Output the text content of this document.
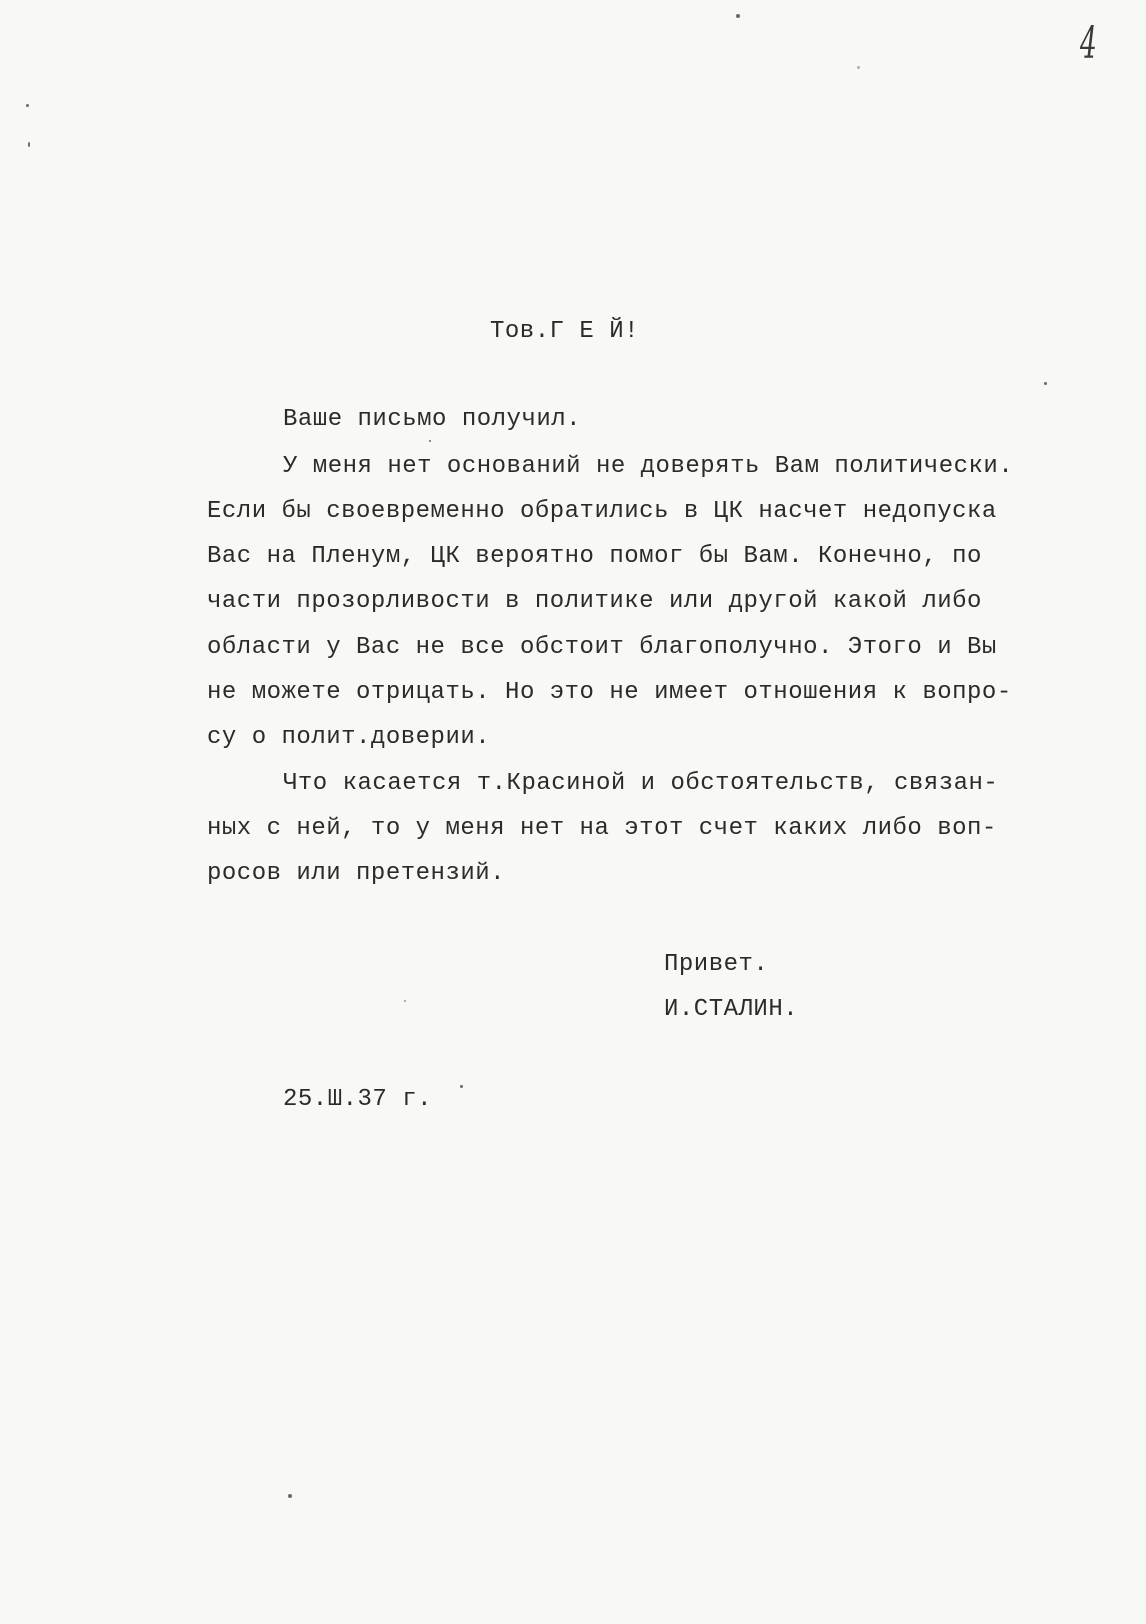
4
Тов.Г Е Й!
Ваше письмо получил.
У меня нет оснований не доверять Вам политически.
Если бы своевременно обратились в ЦК насчет недопуска
Вас на Пленум, ЦК вероятно помог бы Вам. Конечно, по
части прозорливости в политике или другой какой либо
области у Вас не все обстоит благополучно. Этого и Вы
не можете отрицать. Но это не имеет отношения к вопро-
су о полит.доверии.
Что касается т.Красиной и обстоятельств, связан-
ных с ней, то у меня нет на этот счет каких либо воп-
росов или претензий.
Привет.
И.СТАЛИН.
25.Ш.37 г.
